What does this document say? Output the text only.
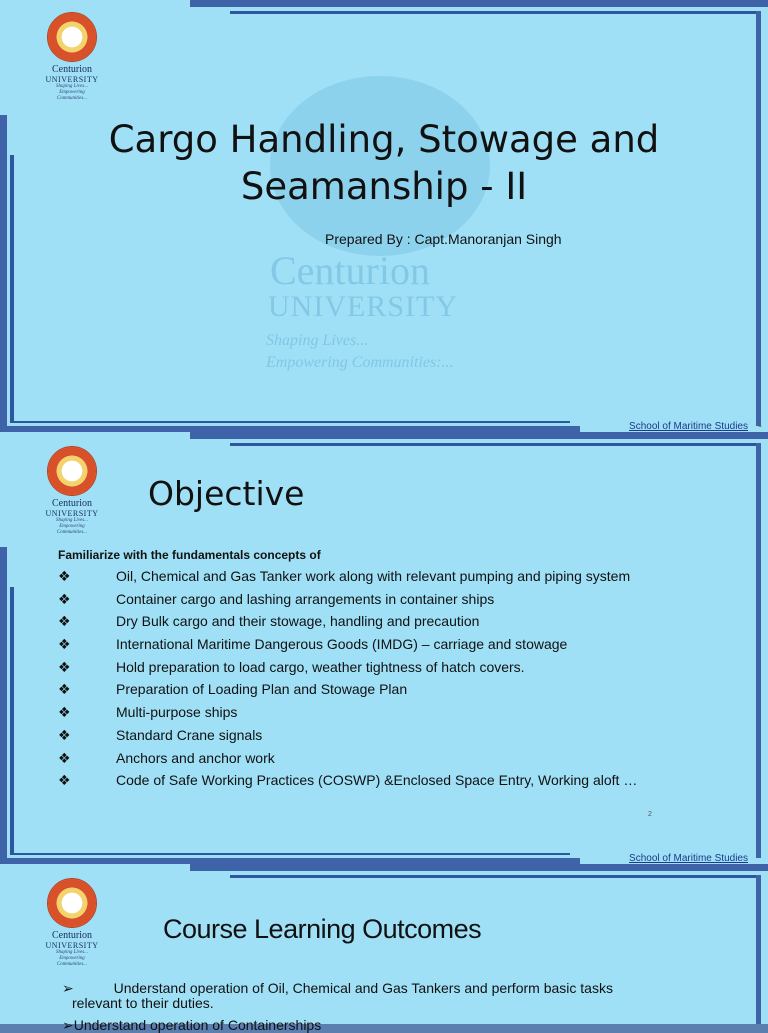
Centurion
UNIVERSITY
Shaping Lives...
Empowering Communities...
Centurion
UNIVERSITY
Shaping Lives...
Empowering Communities:...
Cargo Handling, Stowage and
Seamanship - II
Prepared By : Capt.Manoranjan Singh
School of Maritime Studies 1
Centurion
UNIVERSITY
Shaping Lives...
Empowering Communities...
Objective
Familiarize with the fundamentals concepts of
❖	Oil, Chemical and Gas Tanker work along with relevant pumping and piping system
❖	Container cargo and lashing arrangements in container ships
❖	Dry Bulk cargo and their stowage, handling and precaution
❖	International Maritime Dangerous Goods (IMDG) – carriage and stowage
❖	Hold preparation to load cargo, weather tightness of hatch covers.
❖	Preparation of Loading Plan and Stowage Plan
❖	Multi-purpose ships
❖	Standard Crane signals
❖	Anchors and anchor work
❖	Code of Safe Working Practices (COSWP) &Enclosed Space Entry, Working aloft …
2
School of Maritime Studies
Centurion
UNIVERSITY
Shaping Lives...
Empowering Communities...
Course Learning Outcomes
➢	Understand operation of Oil, Chemical and Gas Tankers and perform basic tasks
relevant to their duties.
➢Understand operation of Containerships
